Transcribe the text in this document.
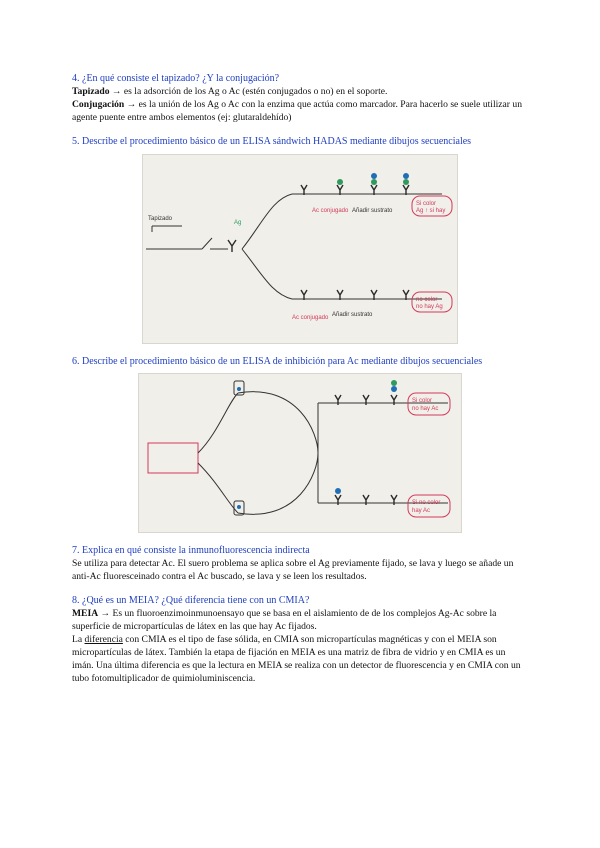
4. ¿En qué consiste el tapizado? ¿Y la conjugación?

Tapizado → es la adsorción de los Ag o Ac (estén conjugados o no) en el soporte.

Conjugación → es la unión de los Ag o Ac con la enzima que actúa como marcador. Para hacerlo se suele utilizar un agente puente entre ambos elementos (ej: glutaraldehído)

5. Describe el procedimiento básico de un ELISA sándwich HADAS mediante dibujos secuenciales

Ac conjugado
Ac conjugado
Añadir sustrato
Ag
Tapizado
Añadir sustrato
Si color
Ag ↑ si hay
no color
no hay Ag

6. Describe el procedimiento básico de un ELISA de inhibición para Ac mediante dibujos secuenciales

Si color
no hay Ac
Si no color
hay Ac

7. Explica en qué consiste la inmunofluorescencia indirecta

Se utiliza para detectar Ac. El suero problema se aplica sobre el Ag previamente fijado, se lava y luego se añade un anti-Ac fluoresceinado contra el Ac buscado, se lava y se leen los resultados.

8. ¿Qué es un MEIA? ¿Qué diferencia tiene con un CMIA?

MEIA → Es un fluoroenzimoinmunoensayo que se basa en el aislamiento de de los complejos Ag-Ac sobre la superficie de micropartículas de látex en las que hay Ac fijados.

La diferencia con CMIA es el tipo de fase sólida, en CMIA son micropartículas magnéticas y con el MEIA son micropartículas de látex. También la etapa de fijación en MEIA es una matriz de fibra de vidrio y en CMIA es un imán. Una última diferencia es que la lectura en MEIA se realiza con un detector de fluorescencia y en CMIA con un tubo fotomultiplicador de quimioluminiscencia.
